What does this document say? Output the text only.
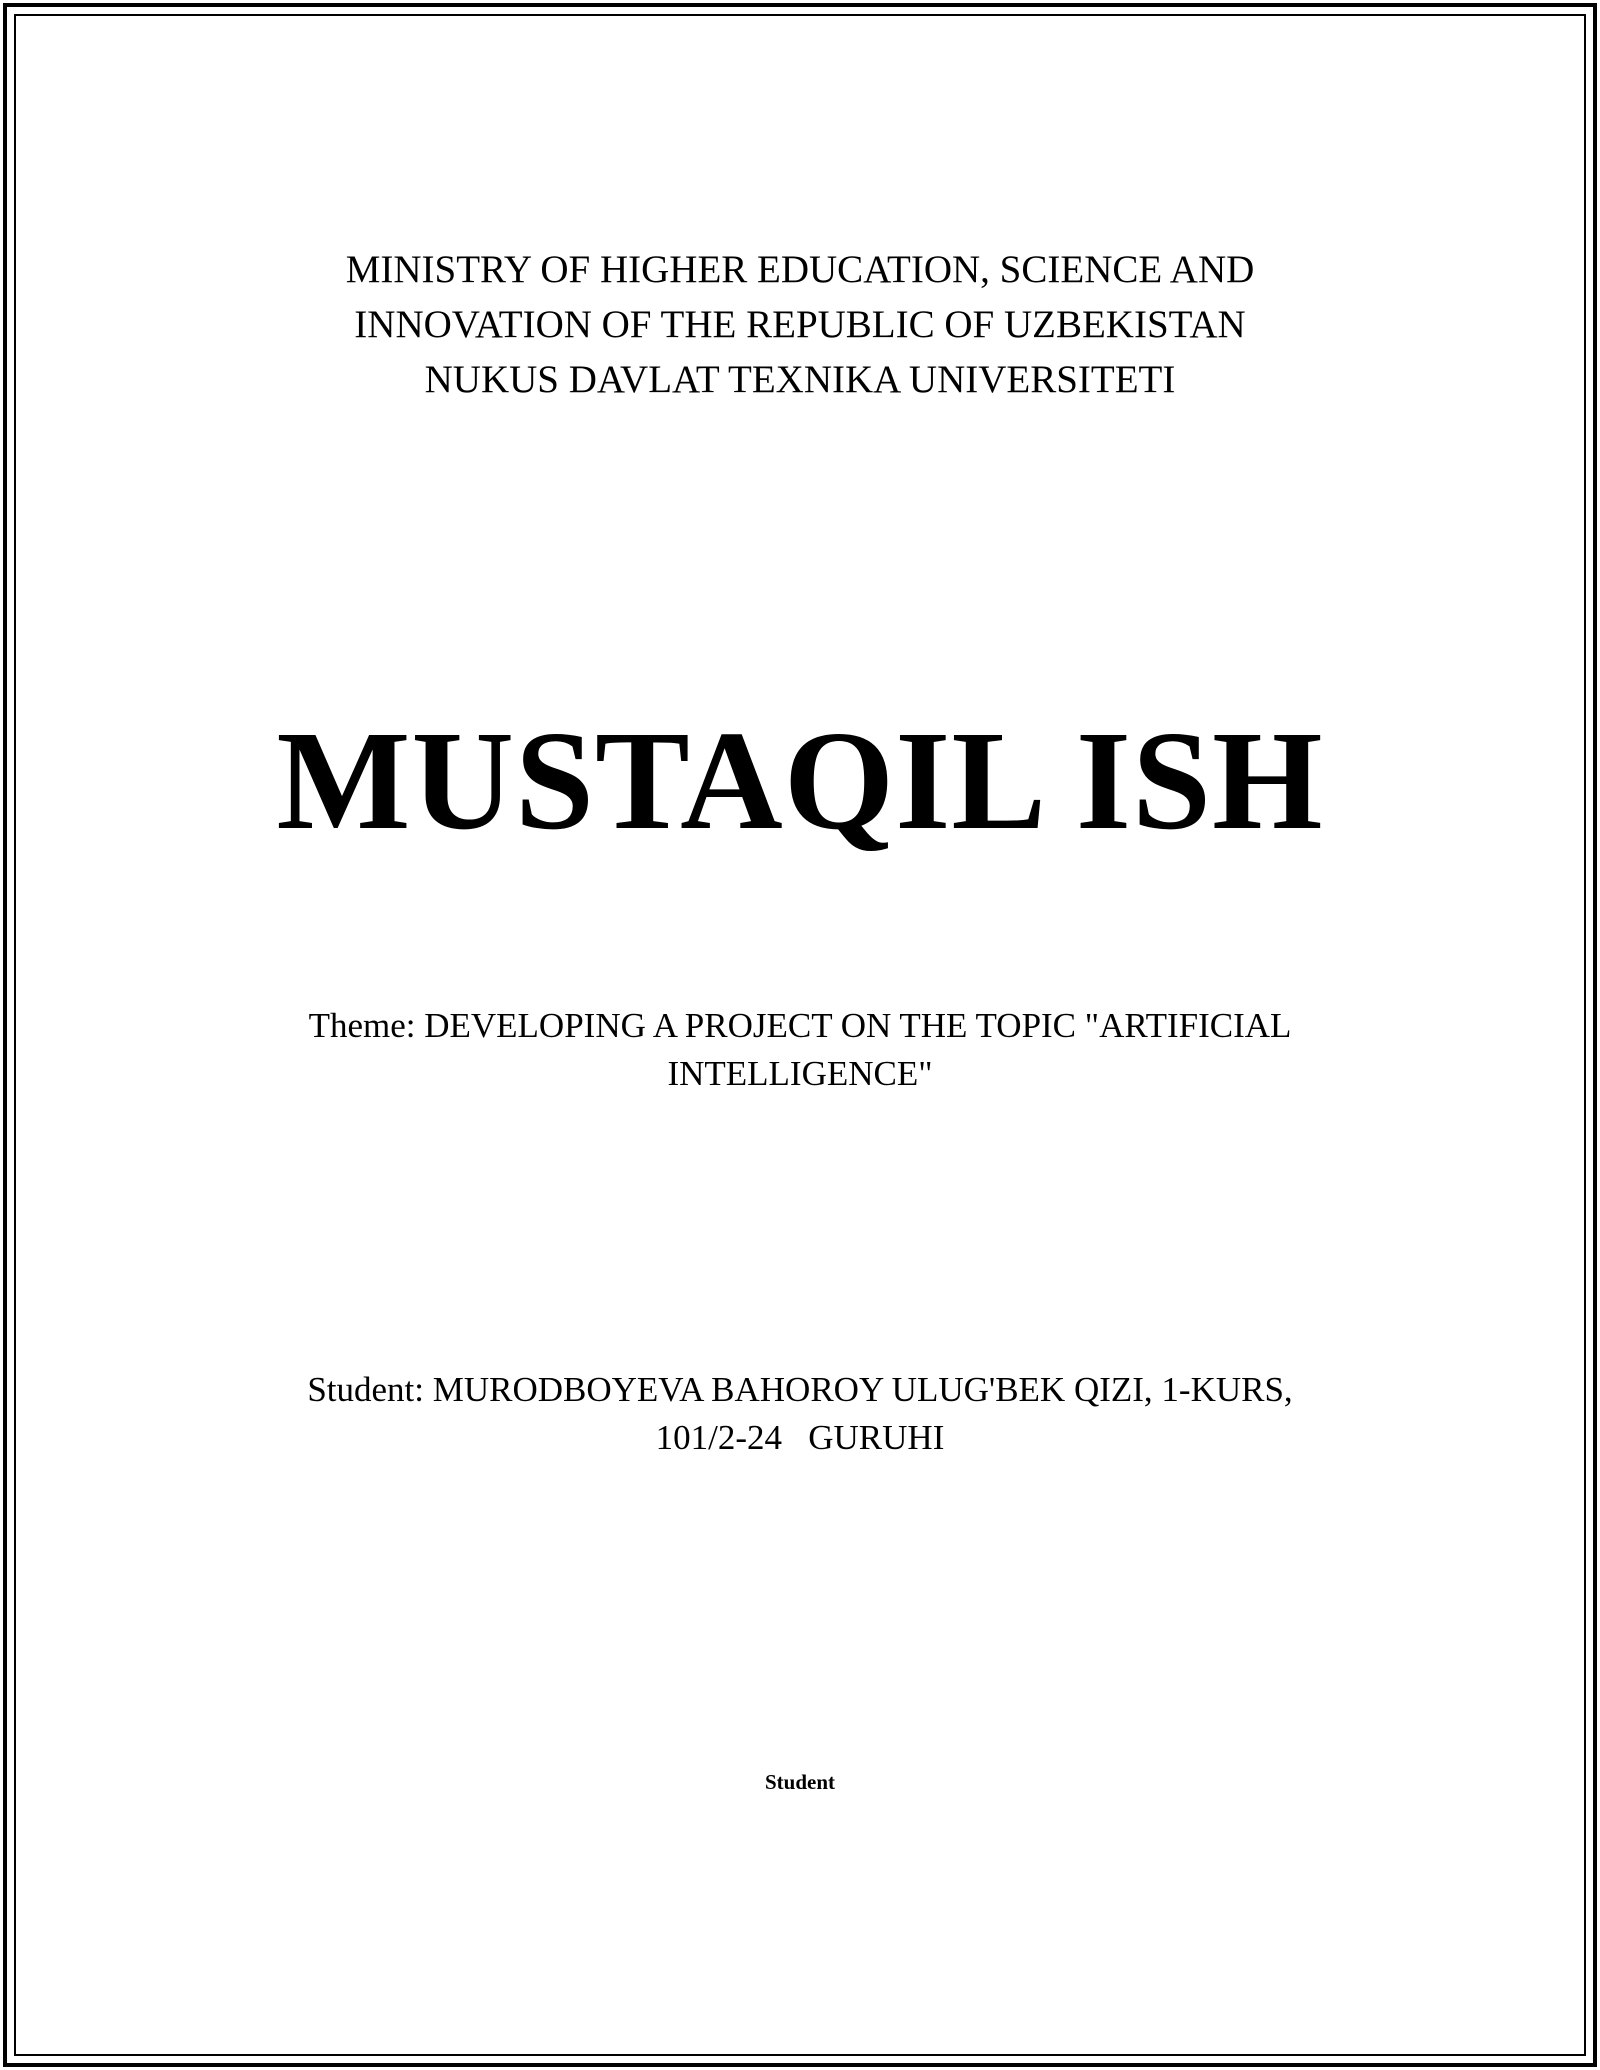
MINISTRY OF HIGHER EDUCATION, SCIENCE AND
INNOVATION OF THE REPUBLIC OF UZBEKISTAN
NUKUS DAVLAT TEXNIKA UNIVERSITETI
MUSTAQIL ISH
Theme: DEVELOPING A PROJECT ON THE TOPIC "ARTIFICIAL
INTELLIGENCE"
Student: MURODBOYEVA BAHOROY ULUG'BEK QIZI, 1-KURS,
101/2-24   GURUHI
Student
